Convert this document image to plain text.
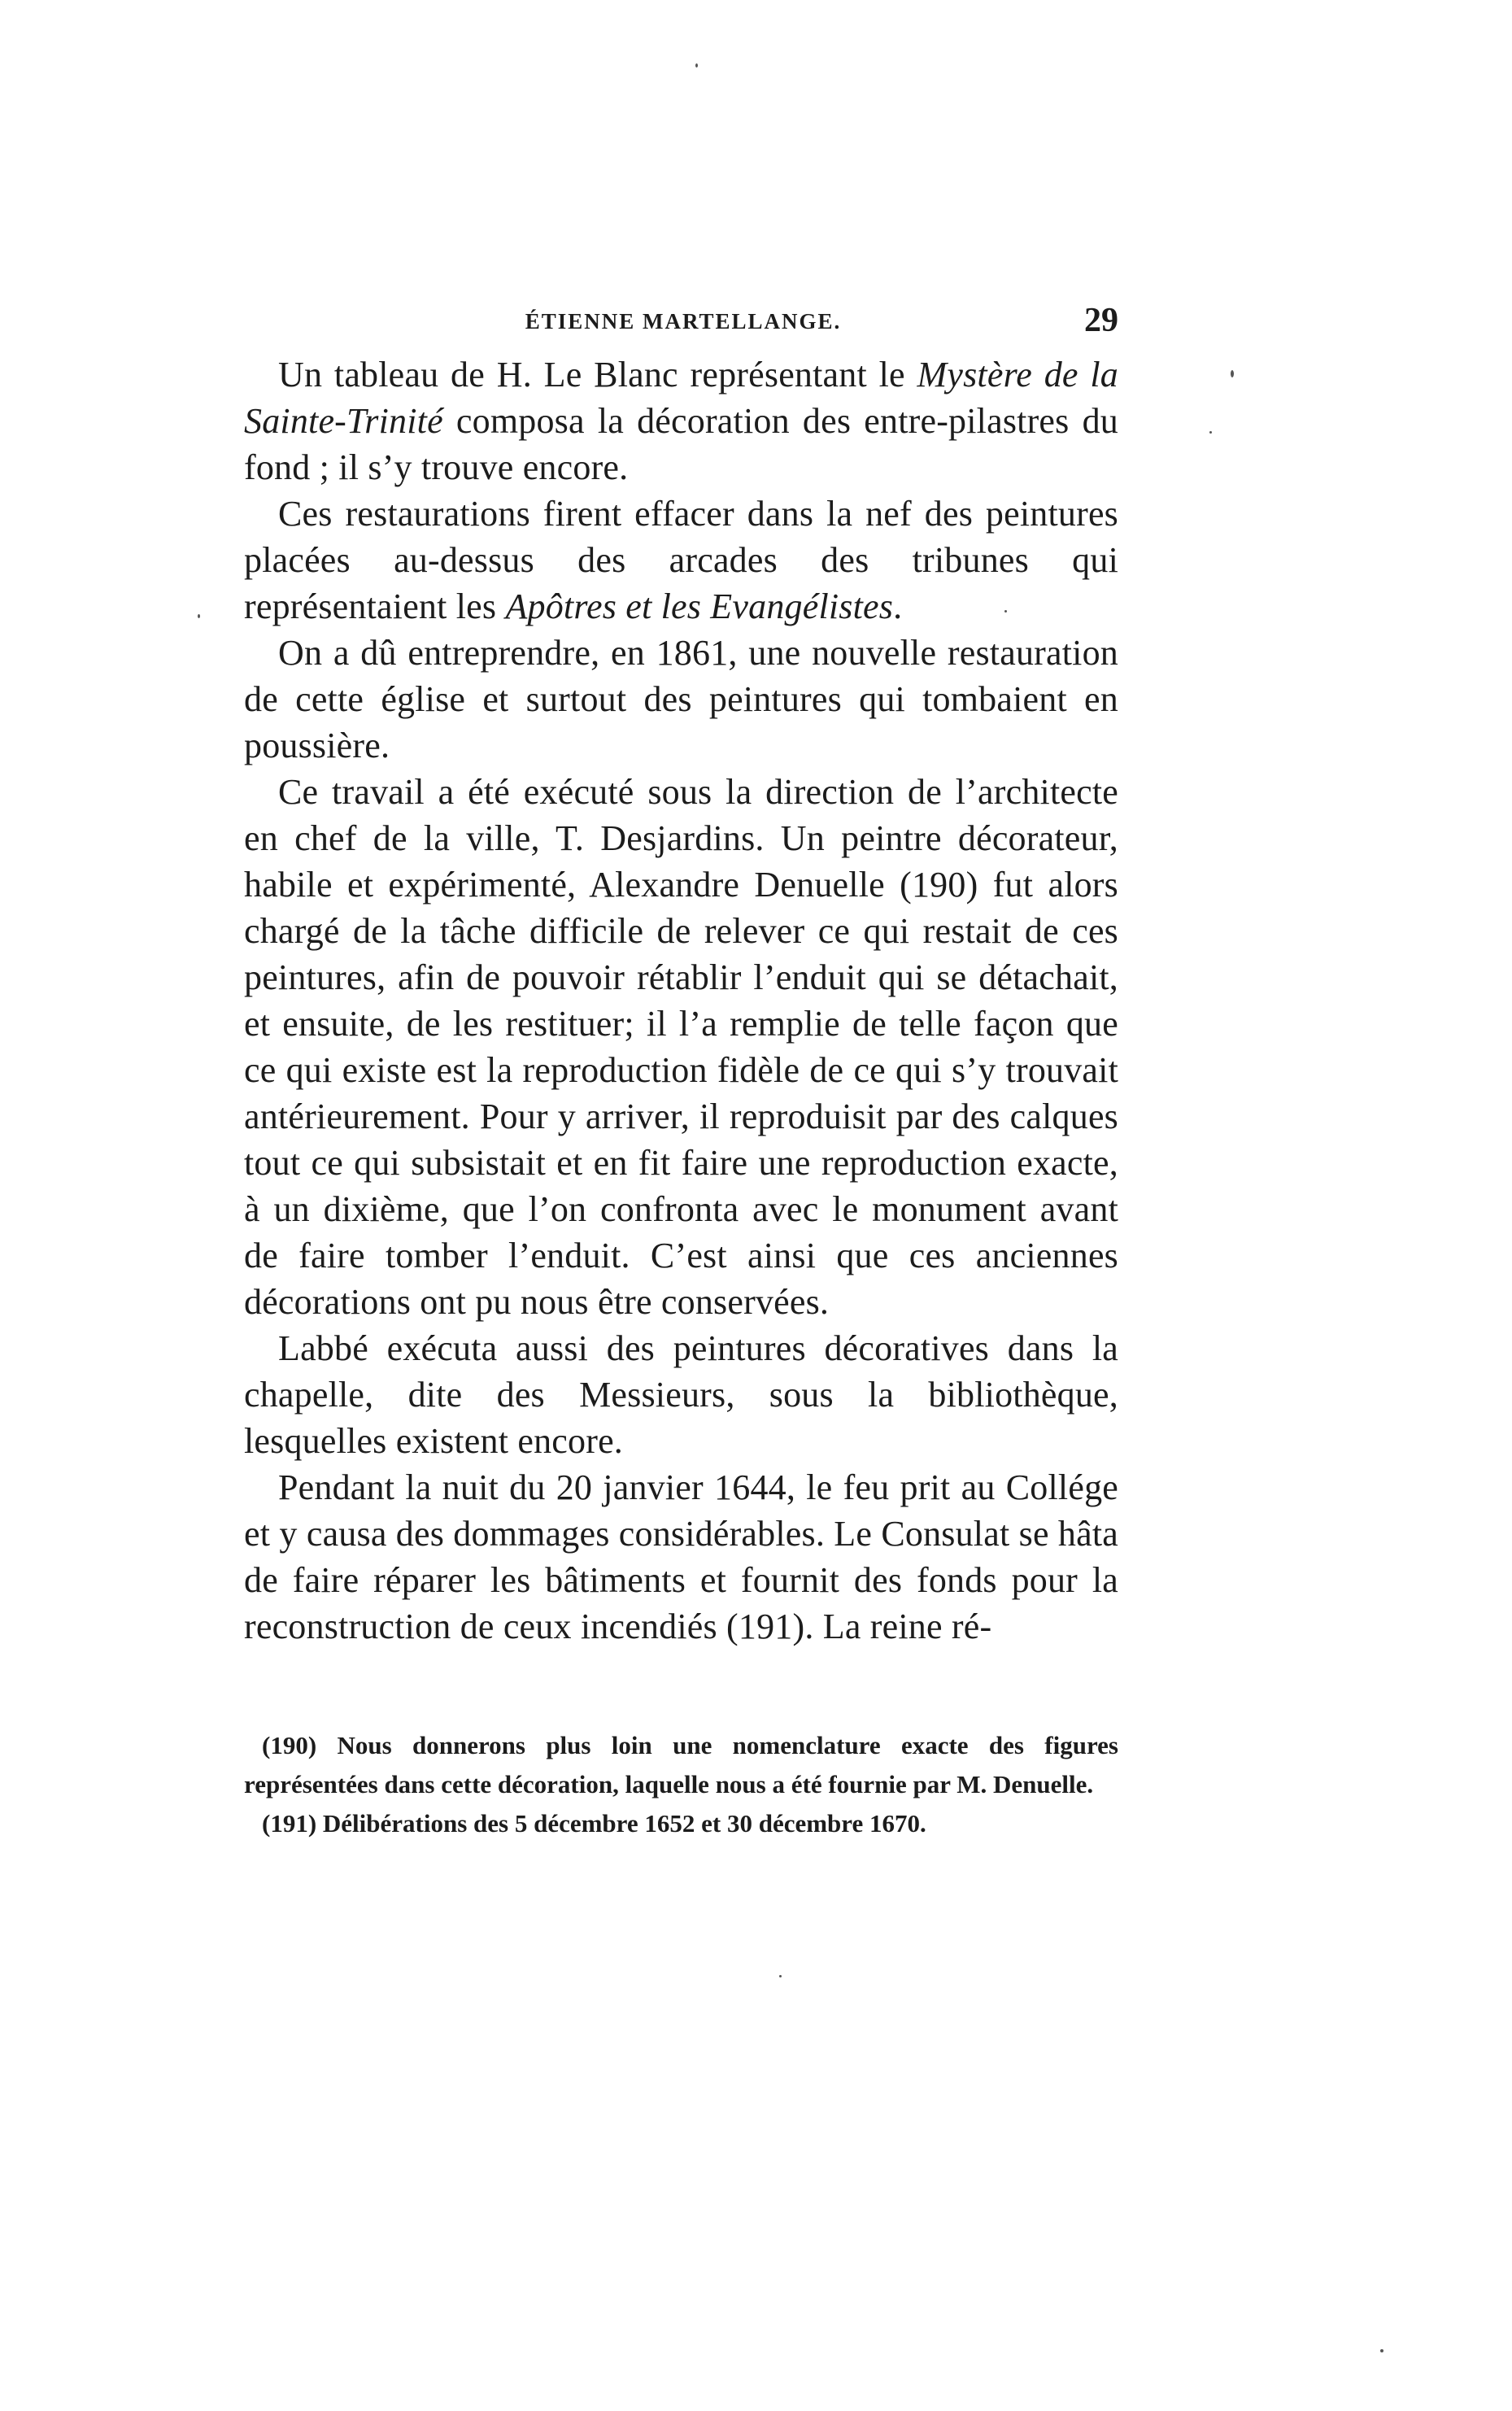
ÉTIENNE MARTELLANGE.	29

Un tableau de H. Le Blanc représentant le Mystère de la Sainte-Trinité composa la décoration des entre-pilastres du fond ; il s’y trouve encore.

Ces restaurations firent effacer dans la nef des peintures placées au-dessus des arcades des tribunes qui représentaient les Apôtres et les Evangélistes.

On a dû entreprendre, en 1861, une nouvelle restauration de cette église et surtout des peintures qui tombaient en poussière.

Ce travail a été exécuté sous la direction de l’architecte en chef de la ville, T. Desjardins. Un peintre décorateur, habile et expérimenté, Alexandre Denuelle (190) fut alors chargé de la tâche difficile de relever ce qui restait de ces peintures, afin de pouvoir rétablir l’enduit qui se détachait, et ensuite, de les restituer; il l’a remplie de telle façon que ce qui existe est la reproduction fidèle de ce qui s’y trouvait antérieurement. Pour y arriver, il reproduisit par des calques tout ce qui subsistait et en fit faire une reproduction exacte, à un dixième, que l’on confronta avec le monument avant de faire tomber l’enduit. C’est ainsi que ces anciennes décorations ont pu nous être conservées.

Labbé exécuta aussi des peintures décoratives dans la chapelle, dite des Messieurs, sous la bibliothèque, lesquelles existent encore.

Pendant la nuit du 20 janvier 1644, le feu prit au Collége et y causa des dommages considérables. Le Consulat se hâta de faire réparer les bâtiments et fournit des fonds pour la reconstruction de ceux incendiés (191). La reine ré-

(190) Nous donnerons plus loin une nomenclature exacte des figures représentées dans cette décoration, laquelle nous a été fournie par M. Denuelle.

(191) Délibérations des 5 décembre 1652 et 30 décembre 1670.
